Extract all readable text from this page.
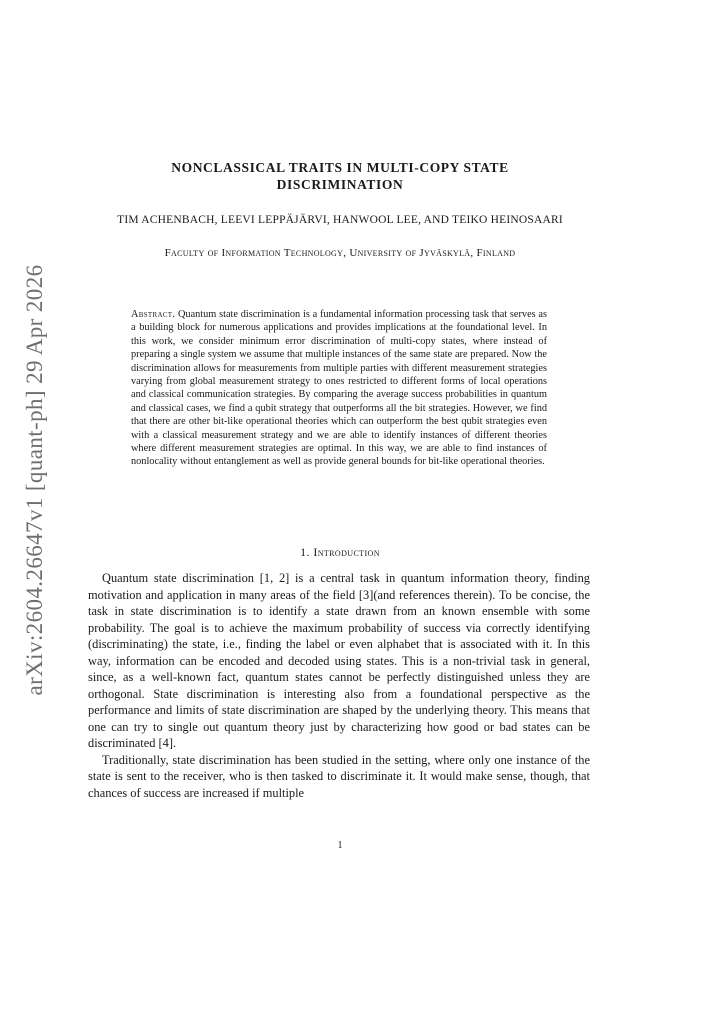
arXiv:2604.26647v1 [quant-ph] 29 Apr 2026
NONCLASSICAL TRAITS IN MULTI-COPY STATE DISCRIMINATION
TIM ACHENBACH, LEEVI LEPPÄJÄRVI, HANWOOL LEE, AND TEIKO HEINOSAARI
Faculty of Information Technology, University of Jyväskylä, Finland
Abstract. Quantum state discrimination is a fundamental information processing task that serves as a building block for numerous applications and provides implications at the foundational level. In this work, we consider minimum error discrimination of multi-copy states, where instead of preparing a single system we assume that multiple instances of the same state are prepared. Now the discrimination allows for measurements from multiple parties with different measurement strategies varying from global measurement strategy to ones restricted to different forms of local operations and classical communication strategies. By comparing the average success probabilities in quantum and classical cases, we find a qubit strategy that outperforms all the bit strategies. However, we find that there are other bit-like operational theories which can outperform the best qubit strategies even with a classical measurement strategy and we are able to identify instances of different theories where different measurement strategies are optimal. In this way, we are able to find instances of nonlocality without entanglement as well as provide general bounds for bit-like operational theories.
1. Introduction

Quantum state discrimination [1, 2] is a central task in quantum information theory, finding motivation and application in many areas of the field [3](and references therein). To be concise, the task in state discrimination is to identify a state drawn from an known ensemble with some probability. The goal is to achieve the maximum probability of success via correctly identifying (discriminating) the state, i.e., finding the label or even alphabet that is associated with it. In this way, information can be encoded and decoded using states. This is a non-trivial task in general, since, as a well-known fact, quantum states cannot be perfectly distinguished unless they are orthogonal. State discrimination is interesting also from a foundational perspective as the performance and limits of state discrimination are shaped by the underlying theory. This means that one can try to single out quantum theory just by characterizing how good or bad states can be discriminated [4].

Traditionally, state discrimination has been studied in the setting, where only one instance of the state is sent to the receiver, who is then tasked to discriminate it. It would make sense, though, that chances of success are increased if multiple

1
